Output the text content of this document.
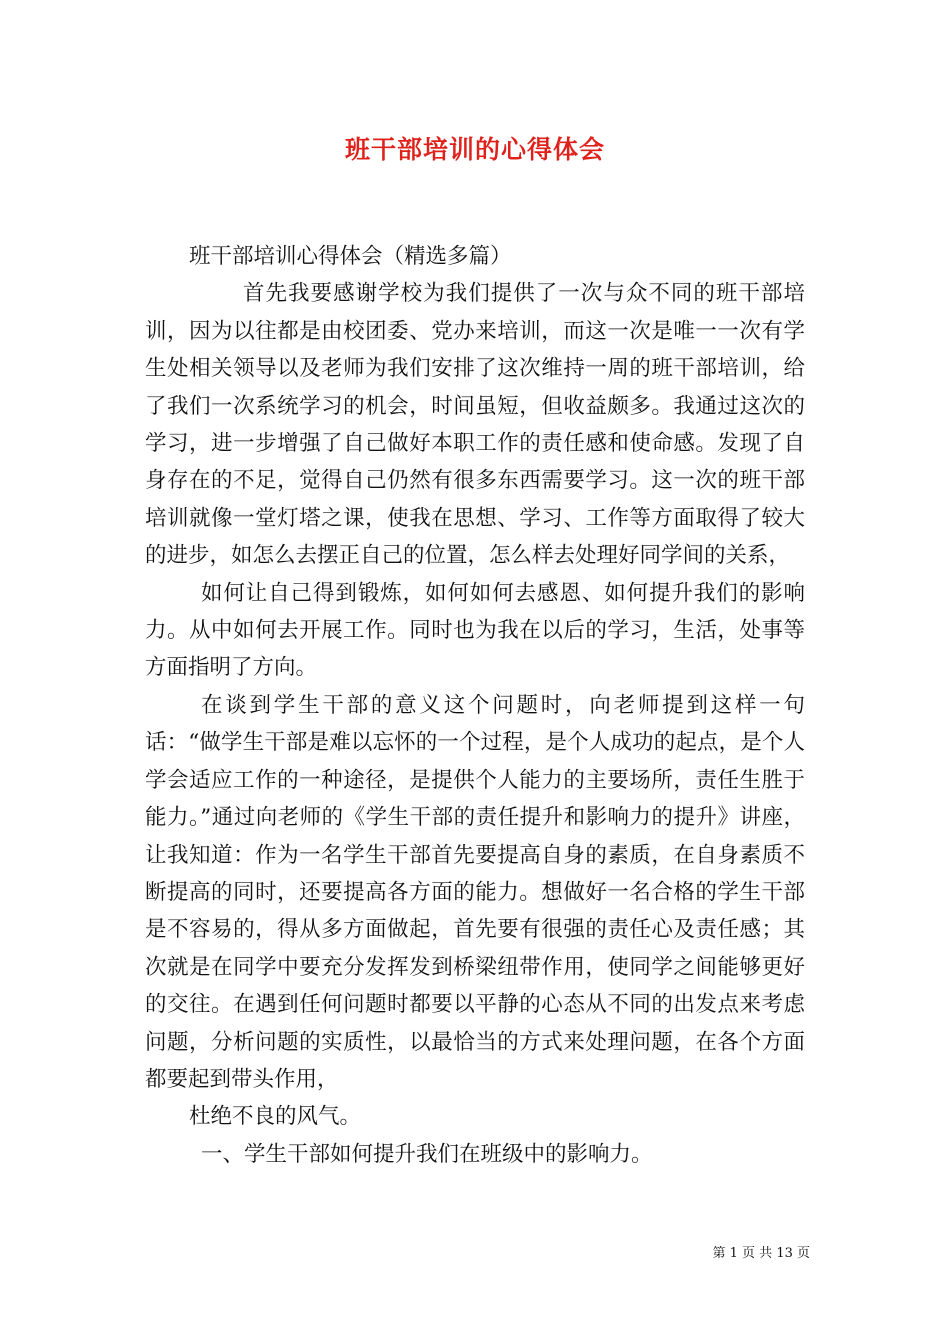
班干部培训的心得体会

班干部培训心得体会（精选多篇）

首先我要感谢学校为我们提供了一次与众不同的班干部培训，因为以往都是由校团委、党办来培训，而这一次是唯一一次有学生处相关领导以及老师为我们安排了这次维持一周的班干部培训，给了我们一次系统学习的机会，时间虽短，但收益颇多。我通过这次的学习，进一步增强了自己做好本职工作的责任感和使命感。发现了自身存在的不足，觉得自己仍然有很多东西需要学习。这一次的班干部培训就像一堂灯塔之课，使我在思想、学习、工作等方面取得了较大的进步，如怎么去摆正自己的位置，怎么样去处理好同学间的关系，

如何让自己得到锻炼，如何如何去感恩、如何提升我们的影响力。从中如何去开展工作。同时也为我在以后的学习，生活，处事等方面指明了方向。

在谈到学生干部的意义这个问题时，向老师提到这样一句话：“做学生干部是难以忘怀的一个过程，是个人成功的起点，是个人学会适应工作的一种途径，是提供个人能力的主要场所，责任生胜于能力。”通过向老师的《学生干部的责任提升和影响力的提升》讲座，让我知道：作为一名学生干部首先要提高自身的素质，在自身素质不断提高的同时，还要提高各方面的能力。想做好一名合格的学生干部是不容易的，得从多方面做起，首先要有很强的责任心及责任感；其次就是在同学中要充分发挥发到桥梁纽带作用，使同学之间能够更好的交往。在遇到任何问题时都要以平静的心态从不同的出发点来考虑问题，分析问题的实质性，以最恰当的方式来处理问题，在各个方面都要起到带头作用，

杜绝不良的风气。

一、学生干部如何提升我们在班级中的影响力。

第 1 页 共 13 页
